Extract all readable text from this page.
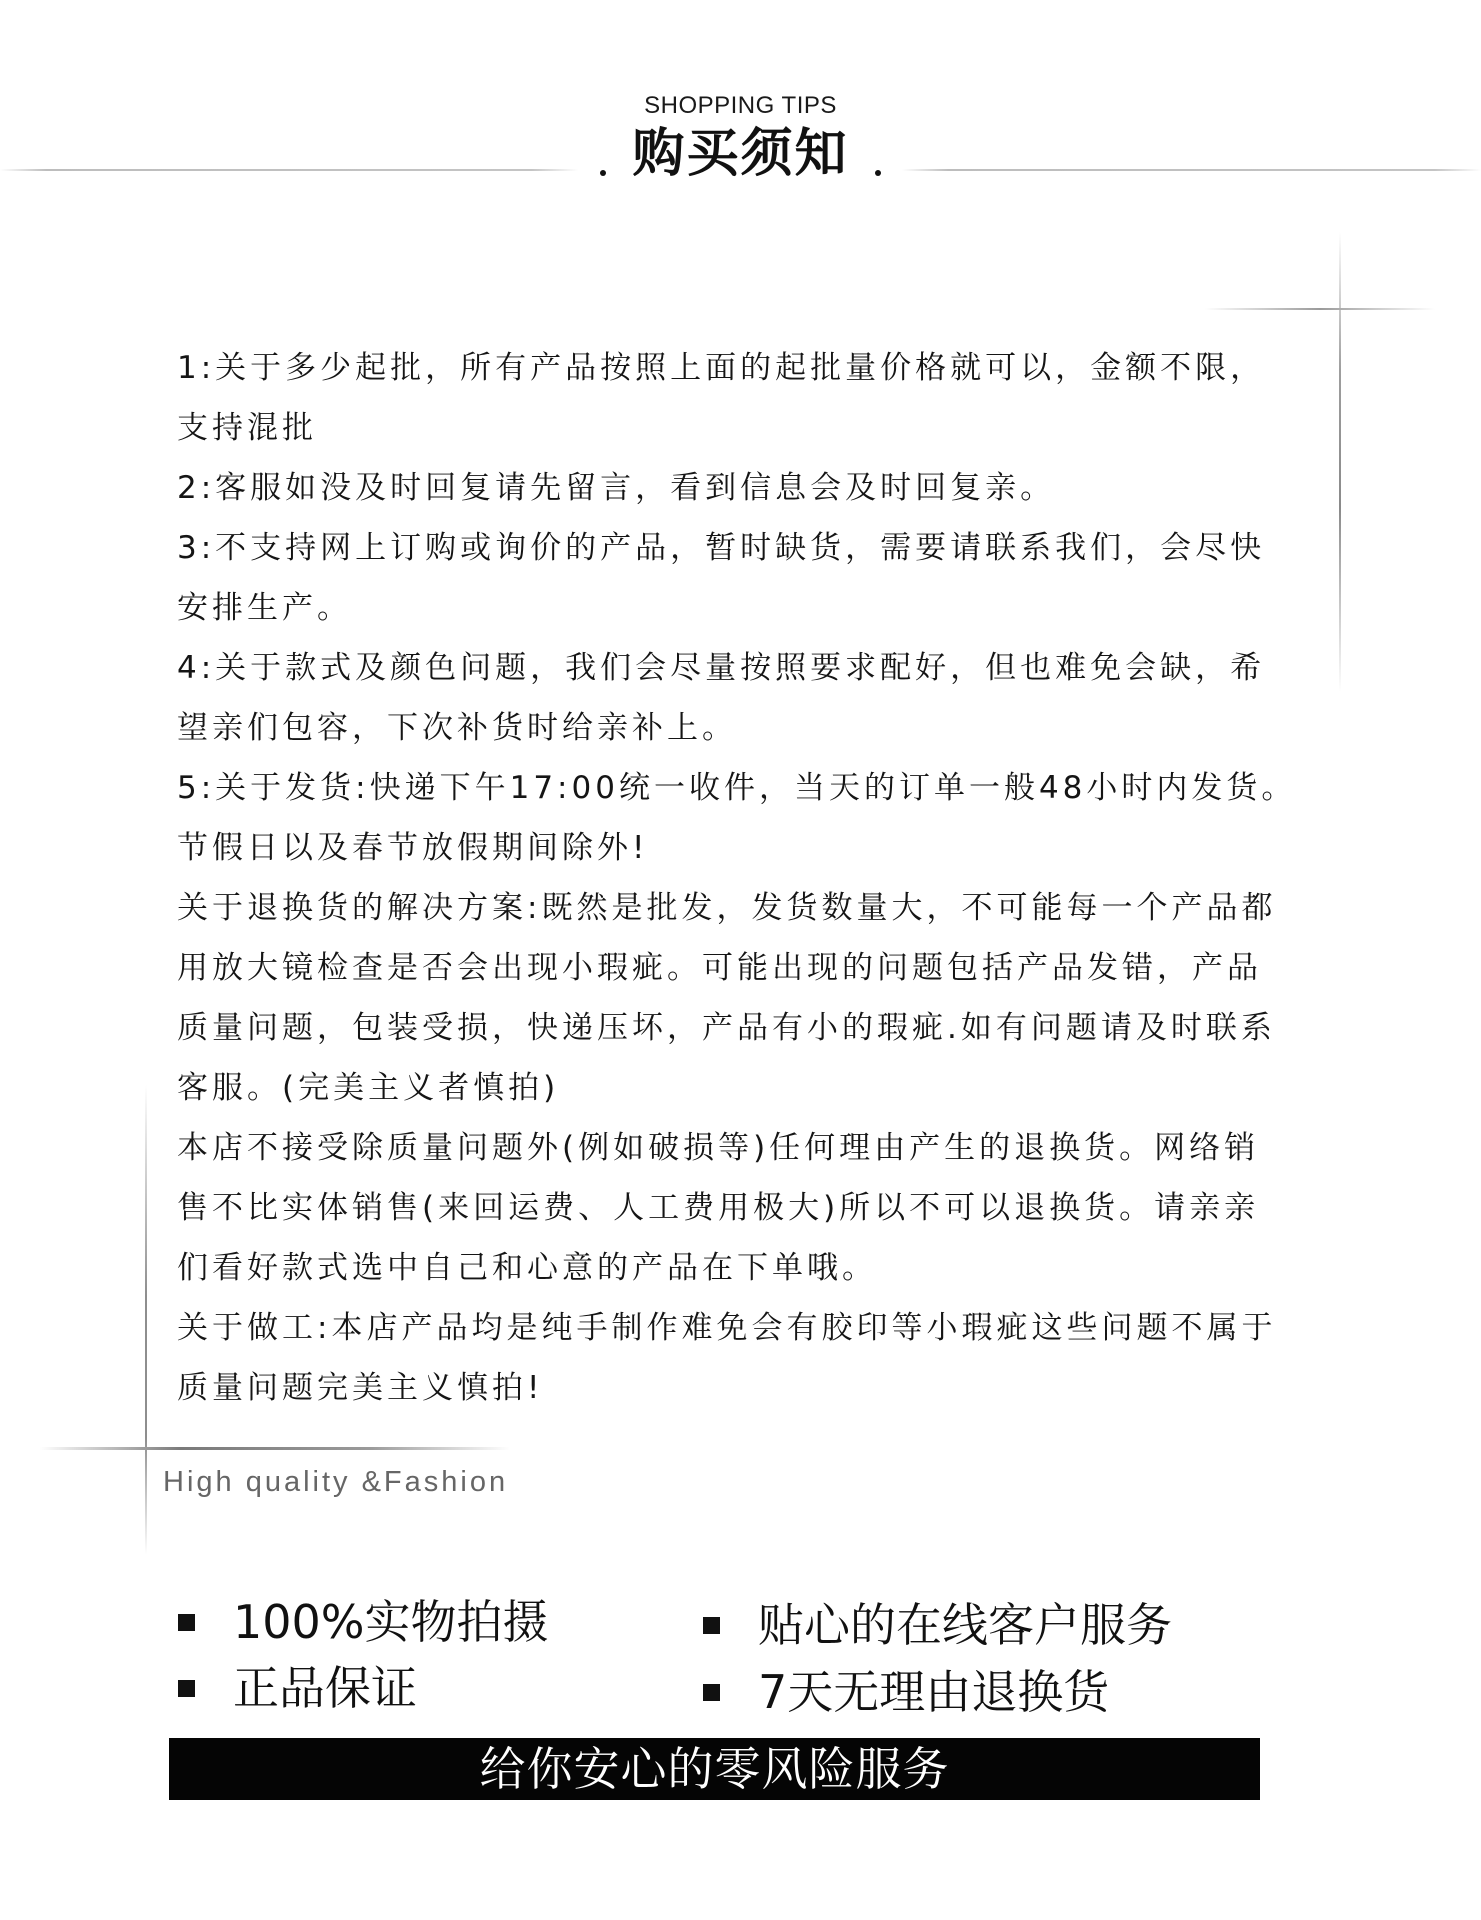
SHOPPING TIPS
购买须知
1:关于多少起批，所有产品按照上面的起批量价格就可以，金额不限，
支持混批
2:客服如没及时回复请先留言，看到信息会及时回复亲。
3:不支持网上订购或询价的产品，暂时缺货，需要请联系我们，会尽快
安排生产。
4:关于款式及颜色问题，我们会尽量按照要求配好，但也难免会缺，希
望亲们包容，下次补货时给亲补上。
5:关于发货:快递下午17:00统一收件，当天的订单一般48小时内发货。
节假日以及春节放假期间除外!
关于退换货的解决方案:既然是批发，发货数量大，不可能每一个产品都
用放大镜检查是否会出现小瑕疵。可能出现的问题包括产品发错，产品
质量问题，包装受损，快递压坏，产品有小的瑕疵.如有问题请及时联系
客服。(完美主义者慎拍)
本店不接受除质量问题外(例如破损等)任何理由产生的退换货。网络销
售不比实体销售(来回运费、人工费用极大)所以不可以退换货。请亲亲
们看好款式选中自己和心意的产品在下单哦。
关于做工:本店产品均是纯手制作难免会有胶印等小瑕疵这些问题不属于
质量问题完美主义慎拍!
High quality &Fashion
100%实物拍摄
正品保证
贴心的在线客户服务
7天无理由退换货
给你安心的零风险服务
